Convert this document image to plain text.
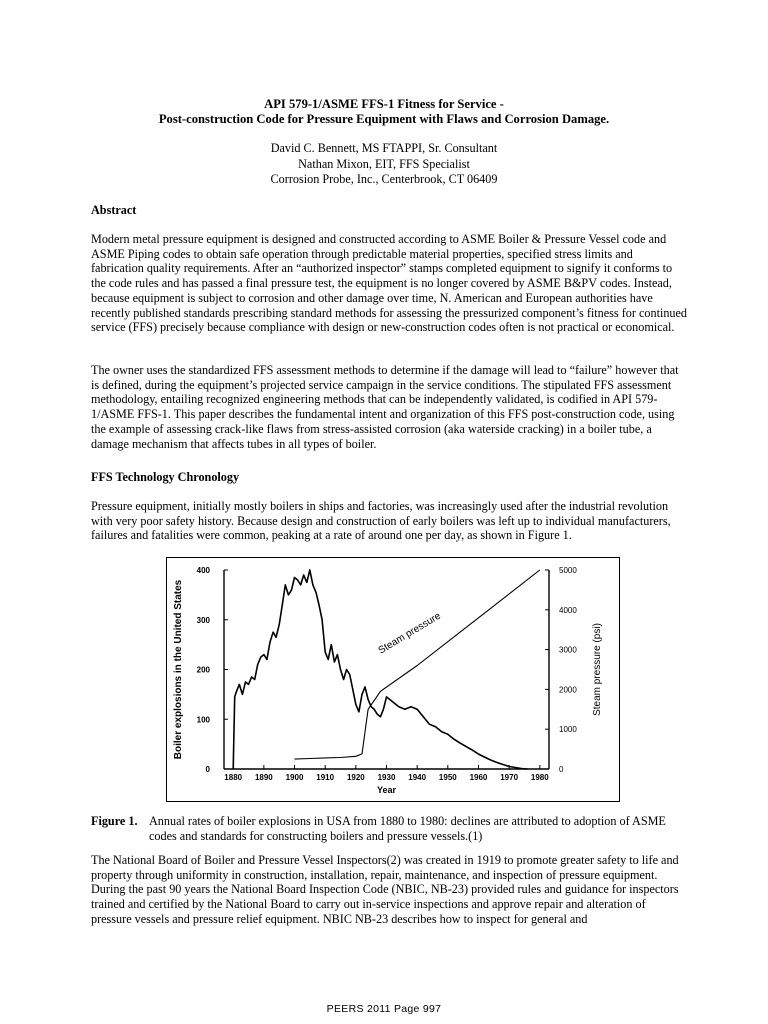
API 579-1/ASME FFS-1 Fitness for Service -
Post-construction Code for Pressure Equipment with Flaws and Corrosion Damage.
David C. Bennett, MS FTAPPI, Sr. Consultant
Nathan Mixon, EIT, FFS Specialist
Corrosion Probe, Inc., Centerbrook, CT 06409
Abstract
Modern metal pressure equipment is designed and constructed according to ASME Boiler & Pressure Vessel code and ASME Piping codes to obtain safe operation through predictable material properties, specified stress limits and fabrication quality requirements. After an “authorized inspector” stamps completed equipment to signify it conforms to the code rules and has passed a final pressure test, the equipment is no longer covered by ASME B&PV codes. Instead, because equipment is subject to corrosion and other damage over time, N. American and European authorities have recently published standards prescribing standard methods for assessing the pressurized component’s fitness for continued service (FFS) precisely because compliance with design or new-construction codes often is not practical or economical.
The owner uses the standardized FFS assessment methods to determine if the damage will lead to “failure” however that is defined, during the equipment’s projected service campaign in the service conditions. The stipulated FFS assessment methodology, entailing recognized engineering methods that can be independently validated, is codified in API 579-1/ASME FFS-1. This paper describes the fundamental intent and organization of this FFS post-construction code, using the example of assessing crack-like flaws from stress-assisted corrosion (aka waterside cracking) in a boiler tube, a damage mechanism that affects tubes in all types of boiler.
FFS Technology Chronology
Pressure equipment, initially mostly boilers in ships and factories, was increasingly used after the industrial revolution with very poor safety history. Because design and construction of early boilers was left up to individual manufacturers, failures and fatalities were common, peaking at a rate of around one per day, as shown in Figure 1.
1880 1890 1900 1910 1920 1930 1940 1950 1960 1970 1980
0
100
200
300
400
0
1000
2000
3000
4000
5000
Boiler explosions in the United States	Steam pressure (psi)
Year
Steam pressure
Figure 1. Annual rates of boiler explosions in USA from 1880 to 1980: declines are attributed to adoption of ASME codes and standards for constructing boilers and pressure vessels.(1)
The National Board of Boiler and Pressure Vessel Inspectors(2) was created in 1919 to promote greater safety to life and property through uniformity in construction, installation, repair, maintenance, and inspection of pressure equipment. During the past 90 years the National Board Inspection Code (NBIC, NB-23) provided rules and guidance for inspectors trained and certified by the National Board to carry out in-service inspections and approve repair and alteration of pressure vessels and pressure relief equipment. NBIC NB-23 describes how to inspect for general and
PEERS 2011 Page 997
